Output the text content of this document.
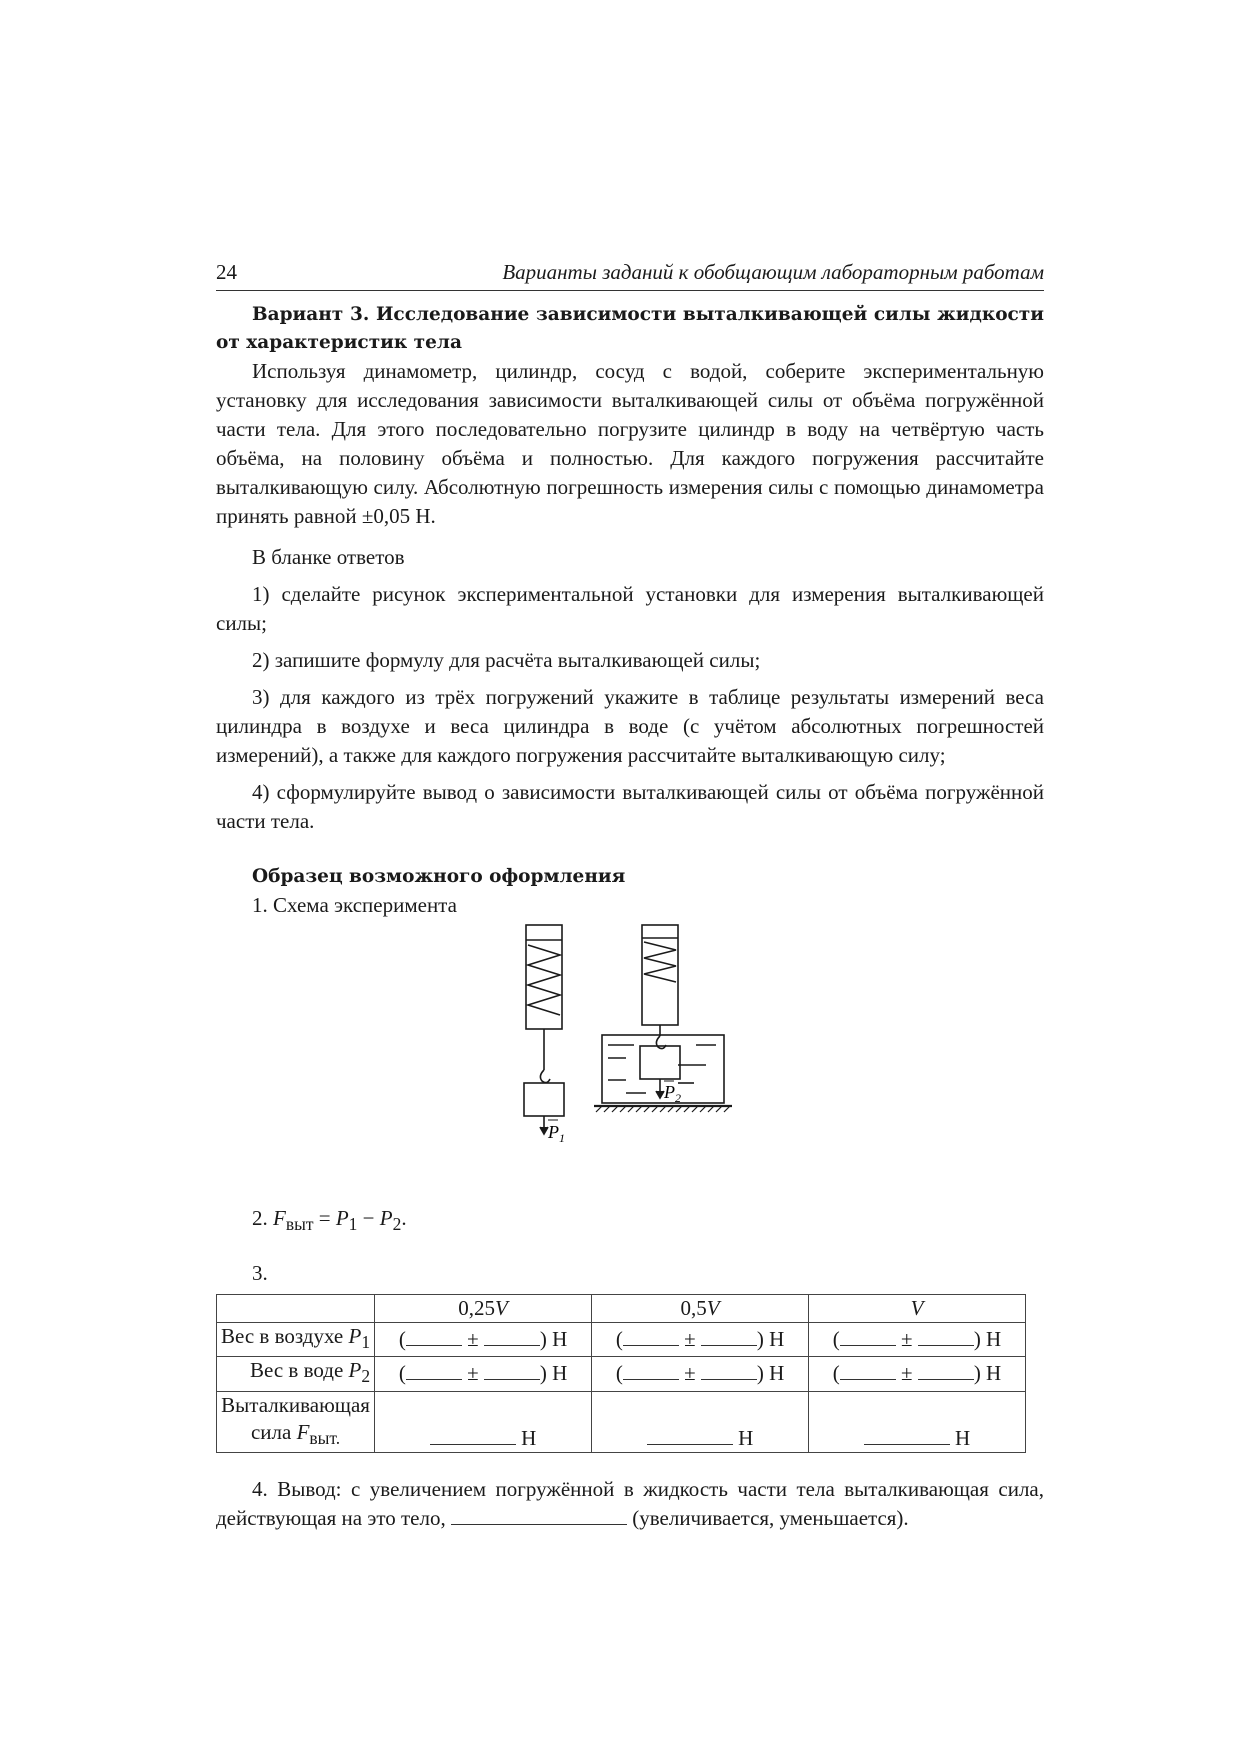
24	Варианты заданий к обобщающим лабораторным работам
Вариант 3. Исследование зависимости выталкивающей силы жидкости от характеристик тела

Используя динамометр, цилиндр, сосуд с водой, соберите экспериментальную установку для исследования зависимости выталкивающей силы от объёма погружённой части тела. Для этого последовательно погрузите цилиндр в воду на четвёртую часть объёма, на половину объёма и полностью. Для каждого погружения рассчитайте выталкивающую силу. Абсолютную погрешность измерения силы с помощью динамометра принять равной ±0,05 Н.

В бланке ответов

1) сделайте рисунок экспериментальной установки для измерения выталкивающей силы;

2) запишите формулу для расчёта выталкивающей силы;

3) для каждого из трёх погружений укажите в таблице результаты измерений веса цилиндра в воздухе и веса цилиндра в воде (с учётом абсолютных погрешностей измерений), а также для каждого погружения рассчитайте выталкивающую силу;

4) сформулируйте вывод о зависимости выталкивающей силы от объёма погружённой части тела.

Образец возможного оформления

1. Схема эксперимента

$P_1$
$P_2$

2. $F_{выт} = P_1 - P_2$.

3.

	0,25V	0,5V	V
Вес в воздухе $P_1$	( ± ) Н	( ± ) Н	( ± ) Н
Вес в воде $P_2$	( ± ) Н	( ± ) Н	( ± ) Н
Выталкивающая
сила $F_{выт.}$	Н	Н	Н

4. Вывод: с увеличением погружённой в жидкость части тела выталкивающая сила, действующая на это тело,	(увеличивается, уменьшается).
